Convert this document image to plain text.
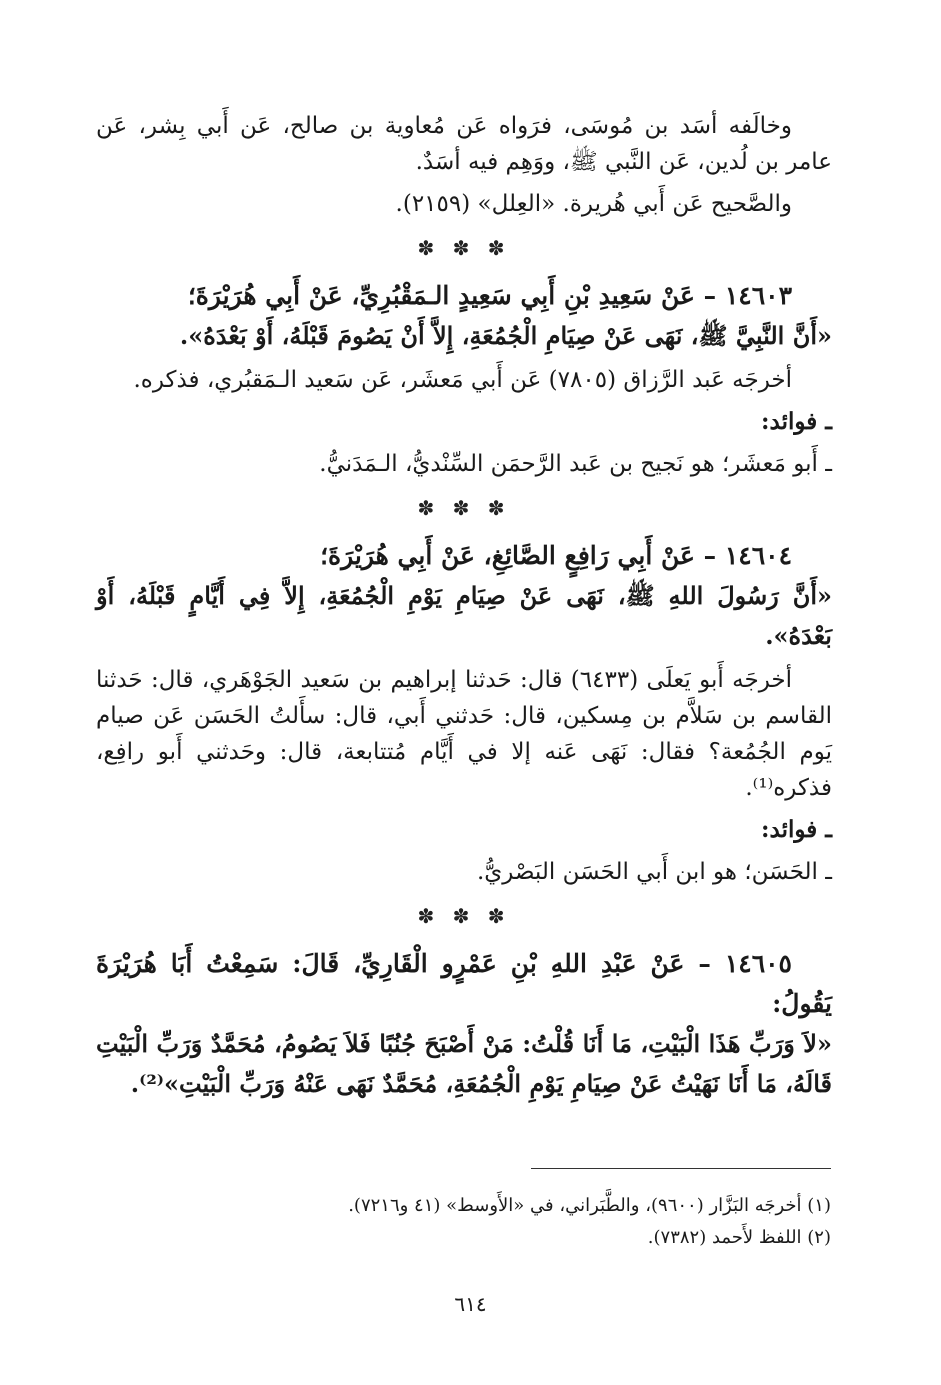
وخالَفه أسَد بن مُوسَى، فرَواه عَن مُعاوية بن صالح، عَن أَبي بِشر، عَن عامر بن لُدين، عَن النَّبي ﷺ، ووَهِم فيه أسَدٌ.

والصَّحيح عَن أَبي هُريرة. «العِلل» (٢١٥٩).

✽ ✽ ✽

١٤٦٠٣ – عَنْ سَعِيدِ بْنِ أَبِي سَعِيدٍ الـمَقْبُرِيِّ، عَنْ أَبِي هُرَيْرَةَ؛

«أَنَّ النَّبِيَّ ﷺ، نَهَى عَنْ صِيَامِ الْجُمُعَةِ، إِلاَّ أَنْ يَصُومَ قَبْلَهُ، أَوْ بَعْدَهُ».

أخرجَه عَبد الرَّزاق (٧٨٠٥) عَن أَبي مَعشَر، عَن سَعيد الـمَقبُري، فذكره.

ـ فوائد:

ـ أَبو مَعشَر؛ هو نَجيح بن عَبد الرَّحمَن السِّنْديُّ، الـمَدَنيُّ.

✽ ✽ ✽

١٤٦٠٤ – عَنْ أَبِي رَافِعٍ الصَّائِغِ، عَنْ أَبِي هُرَيْرَةَ؛

«أَنَّ رَسُولَ اللهِ ﷺ، نَهَى عَنْ صِيَامِ يَوْمِ الْجُمُعَةِ، إِلاَّ فِي أَيَّامٍ قَبْلَهُ، أَوْ بَعْدَهُ».

أخرجَه أَبو يَعلَى (٦٤٣٣) قال: حَدثنا إبراهيم بن سَعيد الجَوْهَري، قال: حَدثنا القاسم بن سَلاَّم بن مِسكين، قال: حَدثني أَبي، قال: سأَلتُ الحَسَن عَن صيام يَوم الجُمُعة؟ فقال: نَهَى عَنه إلا في أَيَّام مُتتابعة، قال: وحَدثني أَبو رافِع، فذكره⁽¹⁾.

ـ فوائد:

ـ الحَسَن؛ هو ابن أَبي الحَسَن البَصْريُّ.

✽ ✽ ✽

١٤٦٠٥ – عَنْ عَبْدِ اللهِ بْنِ عَمْرٍو الْقَارِيِّ، قَالَ: سَمِعْتُ أَبَا هُرَيْرَةَ يَقُولُ:

«لاَ وَرَبِّ هَذَا الْبَيْتِ، مَا أَنَا قُلْتُ: مَنْ أَصْبَحَ جُنُبًا فَلاَ يَصُومُ، مُحَمَّدٌ وَرَبِّ الْبَيْتِ قَالَهُ، مَا أَنَا نَهَيْتُ عَنْ صِيَامِ يَوْمِ الْجُمُعَةِ، مُحَمَّدٌ نَهَى عَنْهُ وَرَبِّ الْبَيْتِ»⁽²⁾.

(١) أخرجَه البَزَّار (٩٦٠٠)، والطَّبَراني، في «الأَوسط» (٤١ و٧٢١٦).
(٢) اللفظ لأَحمد (٧٣٨٢).
٦١٤
